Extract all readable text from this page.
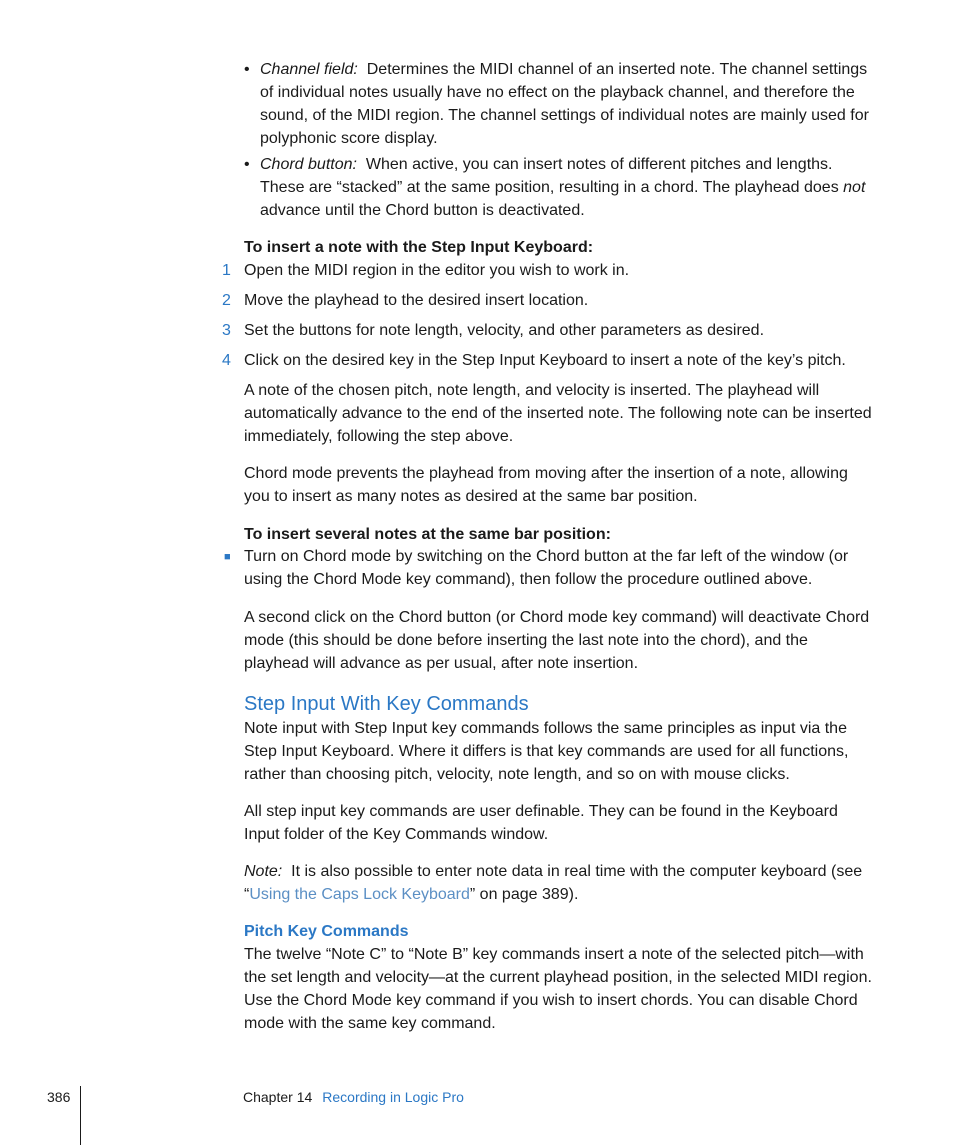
• Channel field: Determines the MIDI channel of an inserted note. The channel settings of individual notes usually have no effect on the playback channel, and therefore the sound, of the MIDI region. The channel settings of individual notes are mainly used for polyphonic score display.

• Chord button: When active, you can insert notes of different pitches and lengths. These are “stacked” at the same position, resulting in a chord. The playhead does not advance until the Chord button is deactivated.

To insert a note with the Step Input Keyboard:

1 Open the MIDI region in the editor you wish to work in.

2 Move the playhead to the desired insert location.

3 Set the buttons for note length, velocity, and other parameters as desired.

4 Click on the desired key in the Step Input Keyboard to insert a note of the key’s pitch.

A note of the chosen pitch, note length, and velocity is inserted. The playhead will automatically advance to the end of the inserted note. The following note can be inserted immediately, following the step above.

Chord mode prevents the playhead from moving after the insertion of a note, allowing you to insert as many notes as desired at the same bar position.

To insert several notes at the same bar position:

■ Turn on Chord mode by switching on the Chord button at the far left of the window (or using the Chord Mode key command), then follow the procedure outlined above.

A second click on the Chord button (or Chord mode key command) will deactivate Chord mode (this should be done before inserting the last note into the chord), and the playhead will advance as per usual, after note insertion.

Step Input With Key Commands

Note input with Step Input key commands follows the same principles as input via the Step Input Keyboard. Where it differs is that key commands are used for all functions, rather than choosing pitch, velocity, note length, and so on with mouse clicks.

All step input key commands are user definable. They can be found in the Keyboard Input folder of the Key Commands window.

Note: It is also possible to enter note data in real time with the computer keyboard (see “Using the Caps Lock Keyboard” on page 389).

Pitch Key Commands

The twelve “Note C” to “Note B” key commands insert a note of the selected pitch—with the set length and velocity—at the current playhead position, in the selected MIDI region. Use the Chord Mode key command if you wish to insert chords. You can disable Chord mode with the same key command.

386	Chapter 14 Recording in Logic Pro
